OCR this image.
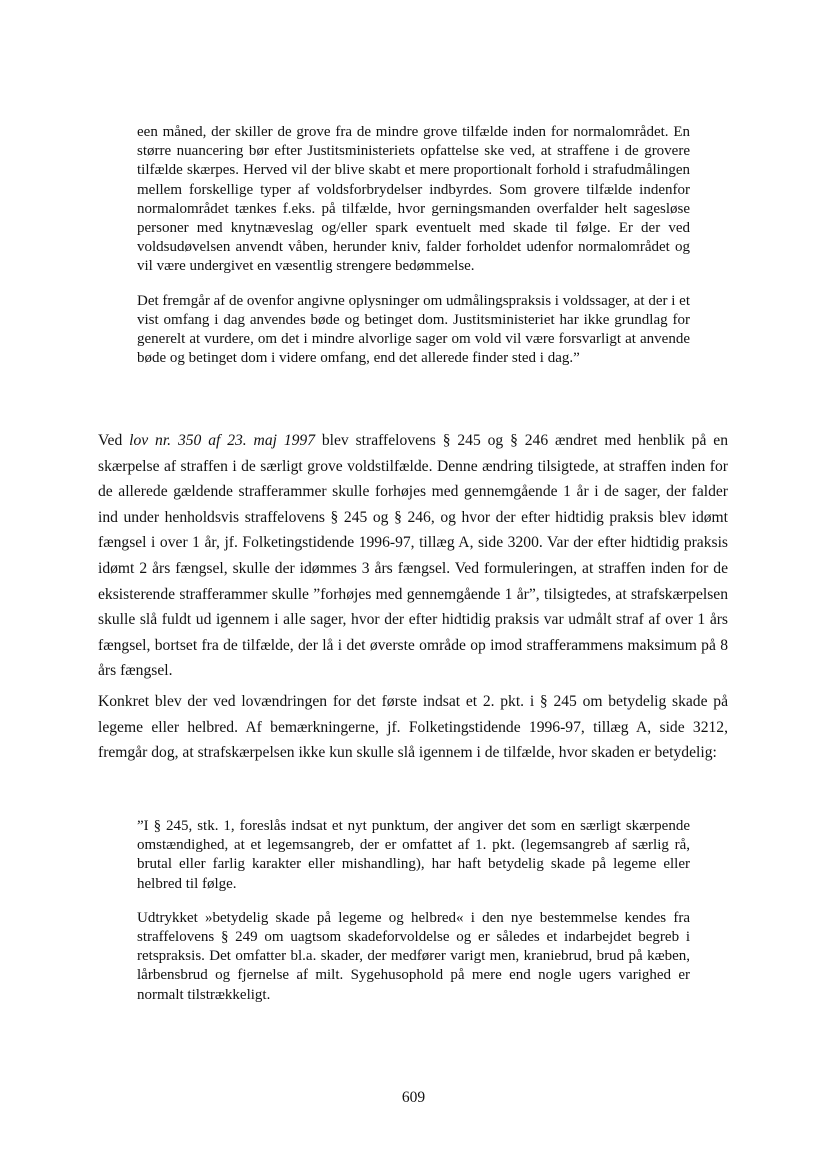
een måned, der skiller de grove fra de mindre grove tilfælde inden for normalområdet. En større nuancering bør efter Justitsministeriets opfattelse ske ved, at straffene i de grovere tilfælde skærpes. Herved vil der blive skabt et mere proportionalt forhold i strafudmålingen mellem forskellige typer af voldsforbrydelser indbyrdes. Som grovere tilfælde indenfor normalområdet tænkes f.eks. på tilfælde, hvor gerningsmanden overfalder helt sagesløse personer med knytnæveslag og/eller spark eventuelt med skade til følge. Er der ved voldsudøvelsen anvendt våben, herunder kniv, falder forholdet udenfor normalområdet og vil være undergivet en væsentlig strengere bedømmelse.

Det fremgår af de ovenfor angivne oplysninger om udmålingspraksis i voldssager, at der i et vist omfang i dag anvendes bøde og betinget dom. Justitsministeriet har ikke grundlag for generelt at vurdere, om det i mindre alvorlige sager om vold vil være forsvarligt at anvende bøde og betinget dom i videre omfang, end det allerede finder sted i dag.”

Ved lov nr. 350 af 23. maj 1997 blev straffelovens § 245 og § 246 ændret med henblik på en skærpelse af straffen i de særligt grove voldstilfælde. Denne ændring tilsigtede, at straffen inden for de allerede gældende strafferammer skulle forhøjes med gennemgående 1 år i de sager, der falder ind under henholdsvis straffelovens § 245 og § 246, og hvor der efter hidtidig praksis blev idømt fængsel i over 1 år, jf. Folketingstidende 1996-97, tillæg A, side 3200. Var der efter hidtidig praksis idømt 2 års fængsel, skulle der idømmes 3 års fængsel. Ved formuleringen, at straffen inden for de eksisterende strafferammer skulle ”forhøjes med gennemgående 1 år”, tilsigtedes, at strafskærpelsen skulle slå fuldt ud igennem i alle sager, hvor der efter hidtidig praksis var udmålt straf af over 1 års fængsel, bortset fra de tilfælde, der lå i det øverste område op imod strafferammens maksimum på 8 års fængsel.

Konkret blev der ved lovændringen for det første indsat et 2. pkt. i § 245 om betydelig skade på legeme eller helbred. Af bemærkningerne, jf. Folketingstidende 1996-97, tillæg A, side 3212, fremgår dog, at strafskærpelsen ikke kun skulle slå igennem i de tilfælde, hvor skaden er betydelig:

”I § 245, stk. 1, foreslås indsat et nyt punktum, der angiver det som en særligt skærpende omstændighed, at et legemsangreb, der er omfattet af 1. pkt. (legemsangreb af særlig rå, brutal eller farlig karakter eller mishandling), har haft betydelig skade på legeme eller helbred til følge.

Udtrykket »betydelig skade på legeme og helbred« i den nye bestemmelse kendes fra straffelovens § 249 om uagtsom skadeforvoldelse og er således et indarbejdet begreb i retspraksis. Det omfatter bl.a. skader, der medfører varigt men, kraniebrud, brud på kæben, lårbensbrud og fjernelse af milt. Sygehusophold på mere end nogle ugers varighed er normalt tilstrækkeligt.

609
